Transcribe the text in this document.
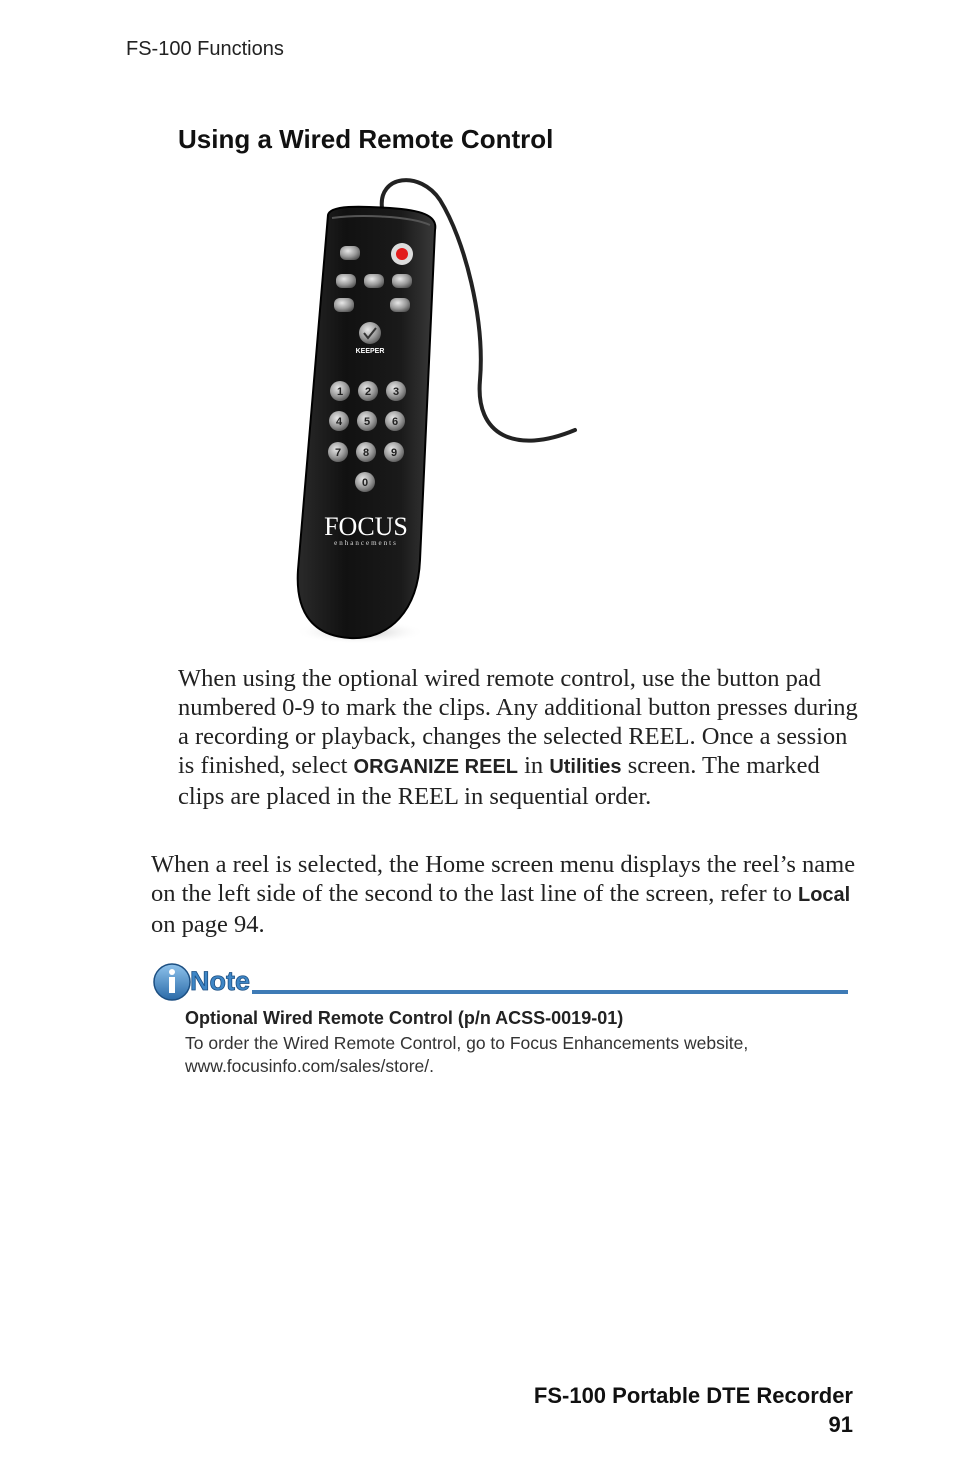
FS-100 Functions
Using a Wired Remote Control
KEEPER
1 2 3
4 5 6
7 8 9
0
FOCUS
enhancements

When using the optional wired remote control, use the button pad numbered 0-9 to mark the clips. Any additional button presses during a recording or playback, changes the selected REEL. Once a session is finished, select ORGANIZE REEL in Utilities screen. The marked clips are placed in the REEL in sequential order.

When a reel is selected, the Home screen menu displays the reel’s name on the left side of the second to the last line of the screen, refer to Local on page 94.

Note
Optional Wired Remote Control (p/n ACSS-0019-01)
To order the Wired Remote Control, go to Focus Enhancements website,
www.focusinfo.com/sales/store/.
FS-100 Portable DTE Recorder
91
